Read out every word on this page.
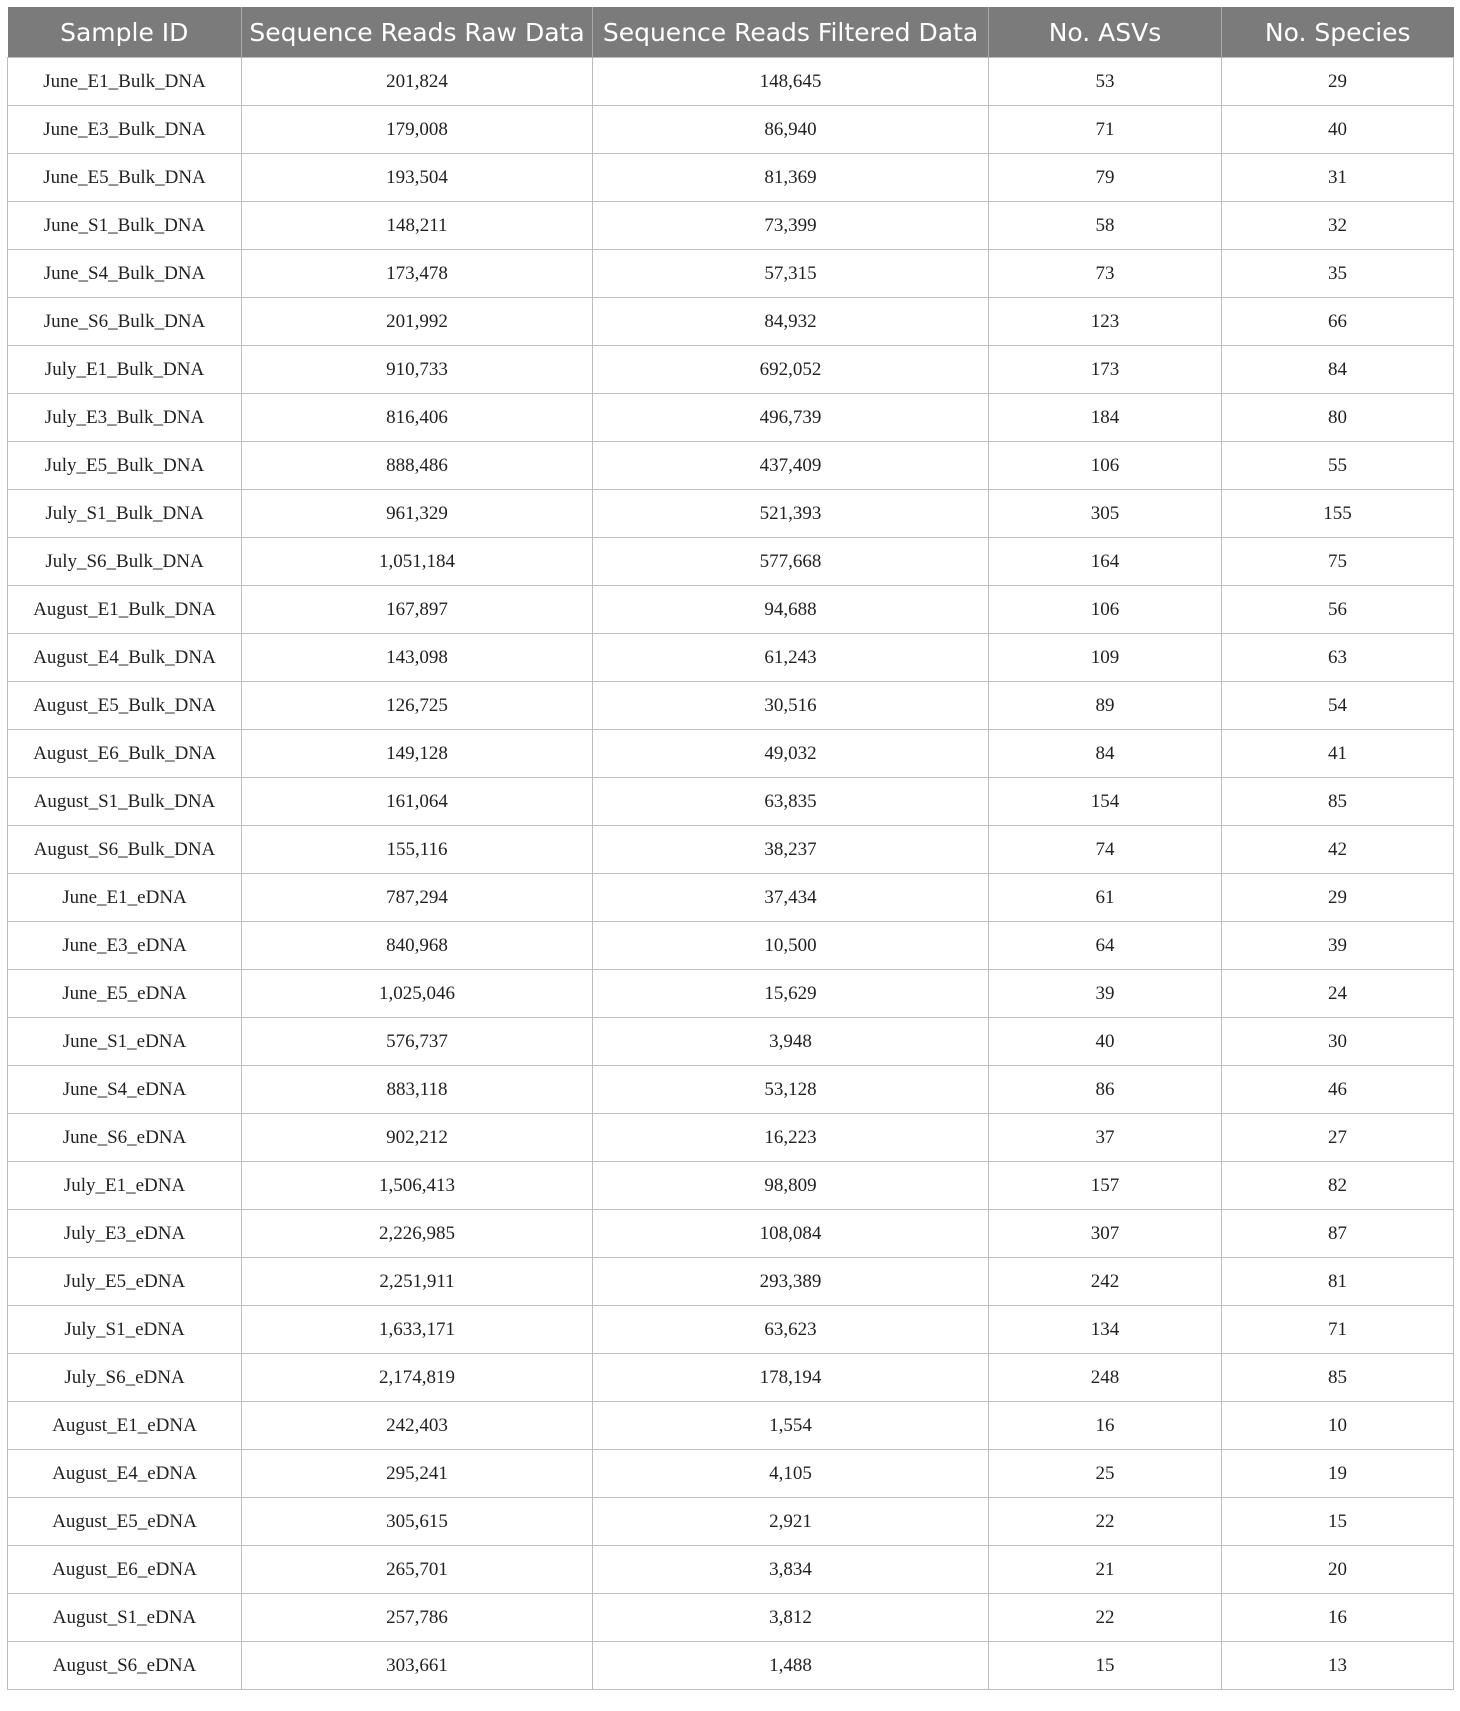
Sample ID	Sequence Reads Raw Data	Sequence Reads Filtered Data	No. ASVs	No. Species
June_E1_Bulk_DNA	201,824	148,645	53	29
June_E3_Bulk_DNA	179,008	86,940	71	40
June_E5_Bulk_DNA	193,504	81,369	79	31
June_S1_Bulk_DNA	148,211	73,399	58	32
June_S4_Bulk_DNA	173,478	57,315	73	35
June_S6_Bulk_DNA	201,992	84,932	123	66
July_E1_Bulk_DNA	910,733	692,052	173	84
July_E3_Bulk_DNA	816,406	496,739	184	80
July_E5_Bulk_DNA	888,486	437,409	106	55
July_S1_Bulk_DNA	961,329	521,393	305	155
July_S6_Bulk_DNA	1,051,184	577,668	164	75
August_E1_Bulk_DNA	167,897	94,688	106	56
August_E4_Bulk_DNA	143,098	61,243	109	63
August_E5_Bulk_DNA	126,725	30,516	89	54
August_E6_Bulk_DNA	149,128	49,032	84	41
August_S1_Bulk_DNA	161,064	63,835	154	85
August_S6_Bulk_DNA	155,116	38,237	74	42
June_E1_eDNA	787,294	37,434	61	29
June_E3_eDNA	840,968	10,500	64	39
June_E5_eDNA	1,025,046	15,629	39	24
June_S1_eDNA	576,737	3,948	40	30
June_S4_eDNA	883,118	53,128	86	46
June_S6_eDNA	902,212	16,223	37	27
July_E1_eDNA	1,506,413	98,809	157	82
July_E3_eDNA	2,226,985	108,084	307	87
July_E5_eDNA	2,251,911	293,389	242	81
July_S1_eDNA	1,633,171	63,623	134	71
July_S6_eDNA	2,174,819	178,194	248	85
August_E1_eDNA	242,403	1,554	16	10
August_E4_eDNA	295,241	4,105	25	19
August_E5_eDNA	305,615	2,921	22	15
August_E6_eDNA	265,701	3,834	21	20
August_S1_eDNA	257,786	3,812	22	16
August_S6_eDNA	303,661	1,488	15	13
